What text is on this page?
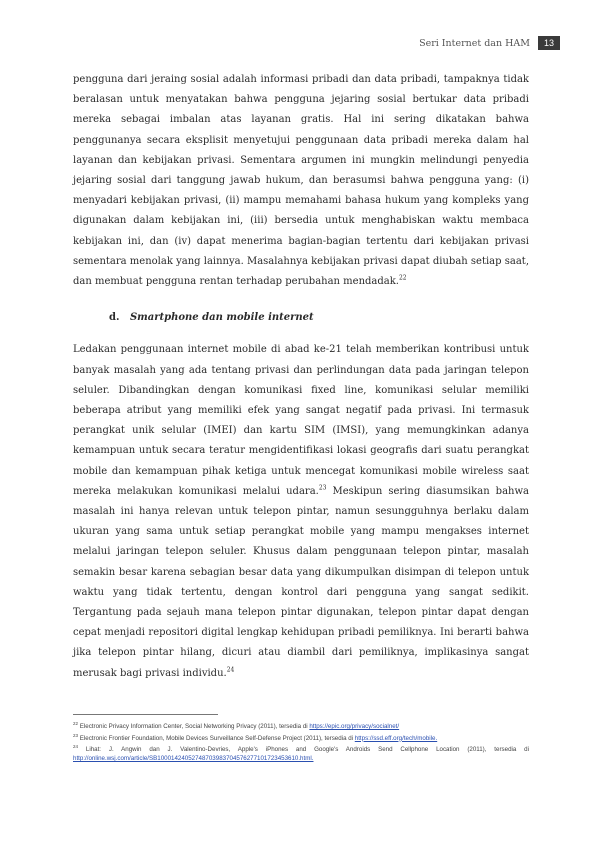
Seri Internet dan HAM	13

pengguna dari jeraing sosial adalah informasi pribadi dan data pribadi, tampaknya tidak beralasan untuk menyatakan bahwa pengguna jejaring sosial bertukar data pribadi mereka sebagai imbalan atas layanan gratis. Hal ini sering dikatakan bahwa penggunanya secara eksplisit menyetujui penggunaan data pribadi mereka dalam hal layanan dan kebijakan privasi. Sementara argumen ini mungkin melindungi penyedia jejaring sosial dari tanggung jawab hukum, dan berasumsi bahwa pengguna yang: (i) menyadari kebijakan privasi, (ii) mampu memahami bahasa hukum yang kompleks yang digunakan dalam kebijakan ini, (iii) bersedia untuk menghabiskan waktu membaca kebijakan ini, dan (iv) dapat menerima bagian-bagian tertentu dari kebijakan privasi sementara menolak yang lainnya. Masalahnya kebijakan privasi dapat diubah setiap saat, dan membuat pengguna rentan terhadap perubahan mendadak.$^{22}$

d. Smartphone dan mobile internet

Ledakan penggunaan internet mobile di abad ke-21 telah memberikan kontribusi untuk banyak masalah yang ada tentang privasi dan perlindungan data pada jaringan telepon seluler. Dibandingkan dengan komunikasi fixed line, komunikasi selular memiliki beberapa atribut yang memiliki efek yang sangat negatif pada privasi. Ini termasuk perangkat unik selular (IMEI) dan kartu SIM (IMSI), yang memungkinkan adanya kemampuan untuk secara teratur mengidentifikasi lokasi geografis dari suatu perangkat mobile dan kemampuan pihak ketiga untuk mencegat komunikasi mobile wireless saat mereka melakukan komunikasi melalui udara.$^{23}$ Meskipun sering diasumsikan bahwa masalah ini hanya relevan untuk telepon pintar, namun sesungguhnya berlaku dalam ukuran yang sama untuk setiap perangkat mobile yang mampu mengakses internet melalui jaringan telepon seluler. Khusus dalam penggunaan telepon pintar, masalah semakin besar karena sebagian besar data yang dikumpulkan disimpan di telepon untuk waktu yang tidak tertentu, dengan kontrol dari pengguna yang sangat sedikit. Tergantung pada sejauh mana telepon pintar digunakan, telepon pintar dapat dengan cepat menjadi repositori digital lengkap kehidupan pribadi pemiliknya. Ini berarti bahwa jika telepon pintar hilang, dicuri atau diambil dari pemiliknya, implikasinya sangat merusak bagi privasi individu.$^{24}$

$^{22}$ Electronic Privacy Information Center, Social Networking Privacy (2011), tersedia di https://epic.org/privacy/socialnet/
$^{23}$ Electronic Frontier Foundation, Mobile Devices Surveillance Self-Defense Project (2011), tersedia di https://ssd.eff.org/tech/mobile.
$^{24}$ Lihat: J. Angwin dan J. Valentino-Devries, Apple's iPhones and Google's Androids Send Cellphone Location (2011), tersedia di http://online.wsj.com/article/SB10001424052748703983704576277101723453610.html.
